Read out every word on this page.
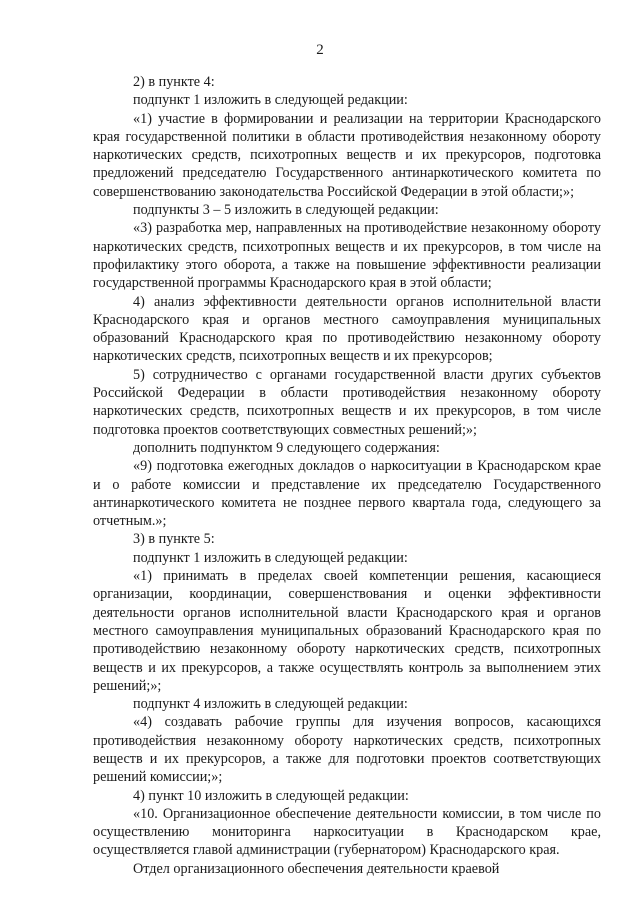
2

2) в пункте 4:

подпункт 1 изложить в следующей редакции:

«1) участие в формировании и реализации на территории Краснодарского края государственной политики в области противодействия незаконному обороту наркотических средств, психотропных веществ и их прекурсоров, подготовка предложений председателю Государственного антинаркотического комитета по совершенствованию законодательства Российской Федерации в этой области;»;

подпункты 3 – 5 изложить в следующей редакции:

«3) разработка мер, направленных на противодействие незаконному обороту наркотических средств, психотропных веществ и их прекурсоров, в том числе на профилактику этого оборота, а также на повышение эффективности реализации государственной программы Краснодарского края в этой области;

4) анализ эффективности деятельности органов исполнительной власти Краснодарского края и органов местного самоуправления муниципальных образований Краснодарского края по противодействию незаконному обороту наркотических средств, психотропных веществ и их прекурсоров;

5) сотрудничество с органами государственной власти других субъектов Российской Федерации в области противодействия незаконному обороту наркотических средств, психотропных веществ и их прекурсоров, в том числе подготовка проектов соответствующих совместных решений;»;

дополнить подпунктом 9 следующего содержания:

«9) подготовка ежегодных докладов о наркоситуации в Краснодарском крае и о работе комиссии и представление их председателю Государственного антинаркотического комитета не позднее первого квартала года, следующего за отчетным.»;

3) в пункте 5:

подпункт 1 изложить в следующей редакции:

«1) принимать в пределах своей компетенции решения, касающиеся организации, координации, совершенствования и оценки эффективности деятельности органов исполнительной власти Краснодарского края и органов местного самоуправления муниципальных образований Краснодарского края по противодействию незаконному обороту наркотических средств, психотропных веществ и их прекурсоров, а также осуществлять контроль за выполнением этих решений;»;

подпункт 4 изложить в следующей редакции:

«4) создавать рабочие группы для изучения вопросов, касающихся противодействия незаконному обороту наркотических средств, психотропных веществ и их прекурсоров, а также для подготовки проектов соответствующих решений комиссии;»;

4) пункт 10 изложить в следующей редакции:

«10. Организационное обеспечение деятельности комиссии, в том числе по осуществлению мониторинга наркоситуации в Краснодарском крае, осуществляется главой администрации (губернатором) Краснодарского края.

Отдел организационного обеспечения деятельности краевой
